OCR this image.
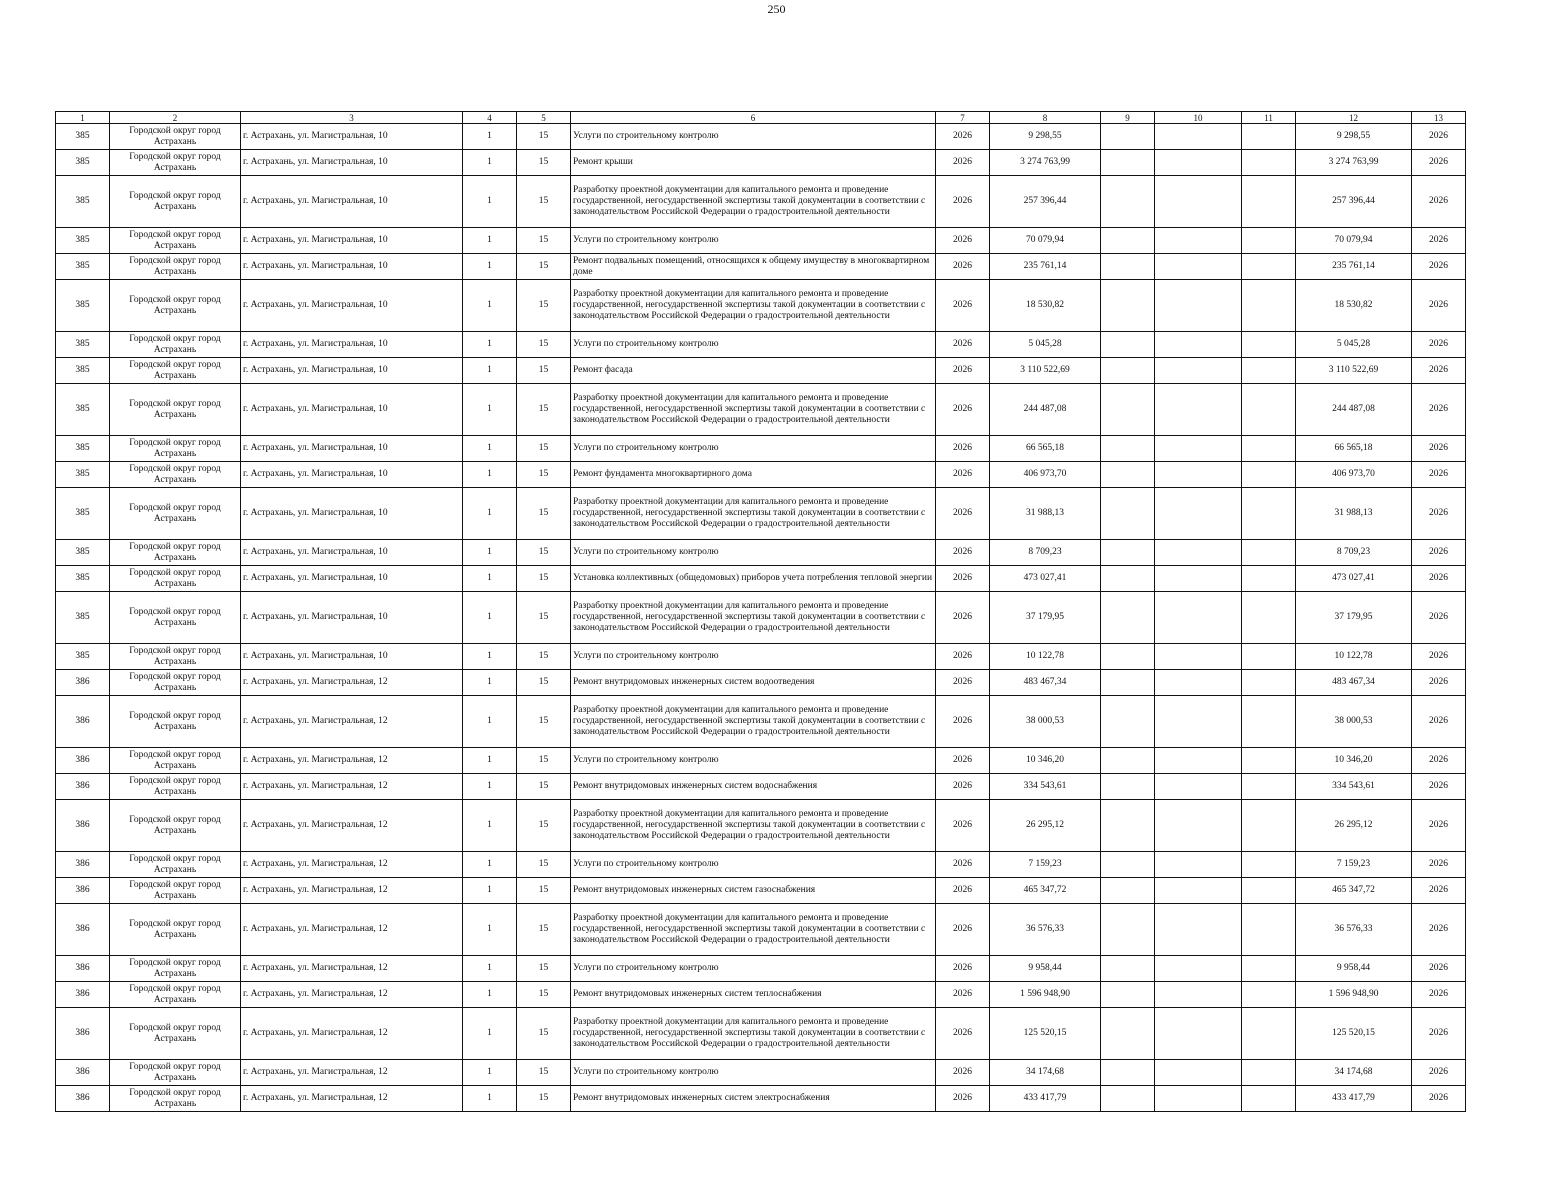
250
1	2	3	4	5	6	7	8	9	10	11	12	13
385	Городской округ город Астрахань	г. Астрахань, ул. Магистральная, 10	1	15	Услуги по строительному контролю	2026	9 298,55				9 298,55	2026
385	Городской округ город Астрахань	г. Астрахань, ул. Магистральная, 10	1	15	Ремонт крыши	2026	3 274 763,99				3 274 763,99	2026
385	Городской округ город Астрахань	г. Астрахань, ул. Магистральная, 10	1	15	Разработку проектной документации для капитального ремонта и проведение государственной, негосударственной экспертизы такой документации в соответствии с законодательством Российской Федерации о градостроительной деятельности	2026	257 396,44				257 396,44	2026
385	Городской округ город Астрахань	г. Астрахань, ул. Магистральная, 10	1	15	Услуги по строительному контролю	2026	70 079,94				70 079,94	2026
385	Городской округ город Астрахань	г. Астрахань, ул. Магистральная, 10	1	15	Ремонт подвальных помещений, относящихся к общему имуществу в многоквартирном доме	2026	235 761,14				235 761,14	2026
385	Городской округ город Астрахань	г. Астрахань, ул. Магистральная, 10	1	15	Разработку проектной документации для капитального ремонта и проведение государственной, негосударственной экспертизы такой документации в соответствии с законодательством Российской Федерации о градостроительной деятельности	2026	18 530,82				18 530,82	2026
385	Городской округ город Астрахань	г. Астрахань, ул. Магистральная, 10	1	15	Услуги по строительному контролю	2026	5 045,28				5 045,28	2026
385	Городской округ город Астрахань	г. Астрахань, ул. Магистральная, 10	1	15	Ремонт фасада	2026	3 110 522,69				3 110 522,69	2026
385	Городской округ город Астрахань	г. Астрахань, ул. Магистральная, 10	1	15	Разработку проектной документации для капитального ремонта и проведение государственной, негосударственной экспертизы такой документации в соответствии с законодательством Российской Федерации о градостроительной деятельности	2026	244 487,08				244 487,08	2026
385	Городской округ город Астрахань	г. Астрахань, ул. Магистральная, 10	1	15	Услуги по строительному контролю	2026	66 565,18				66 565,18	2026
385	Городской округ город Астрахань	г. Астрахань, ул. Магистральная, 10	1	15	Ремонт фундамента многоквартирного дома	2026	406 973,70				406 973,70	2026
385	Городской округ город Астрахань	г. Астрахань, ул. Магистральная, 10	1	15	Разработку проектной документации для капитального ремонта и проведение государственной, негосударственной экспертизы такой документации в соответствии с законодательством Российской Федерации о градостроительной деятельности	2026	31 988,13				31 988,13	2026
385	Городской округ город Астрахань	г. Астрахань, ул. Магистральная, 10	1	15	Услуги по строительному контролю	2026	8 709,23				8 709,23	2026
385	Городской округ город Астрахань	г. Астрахань, ул. Магистральная, 10	1	15	Установка коллективных (общедомовых) приборов учета потребления тепловой энергии	2026	473 027,41				473 027,41	2026
385	Городской округ город Астрахань	г. Астрахань, ул. Магистральная, 10	1	15	Разработку проектной документации для капитального ремонта и проведение государственной, негосударственной экспертизы такой документации в соответствии с законодательством Российской Федерации о градостроительной деятельности	2026	37 179,95				37 179,95	2026
385	Городской округ город Астрахань	г. Астрахань, ул. Магистральная, 10	1	15	Услуги по строительному контролю	2026	10 122,78				10 122,78	2026
386	Городской округ город Астрахань	г. Астрахань, ул. Магистральная, 12	1	15	Ремонт внутридомовых инженерных систем водоотведения	2026	483 467,34				483 467,34	2026
386	Городской округ город Астрахань	г. Астрахань, ул. Магистральная, 12	1	15	Разработку проектной документации для капитального ремонта и проведение государственной, негосударственной экспертизы такой документации в соответствии с законодательством Российской Федерации о градостроительной деятельности	2026	38 000,53				38 000,53	2026
386	Городской округ город Астрахань	г. Астрахань, ул. Магистральная, 12	1	15	Услуги по строительному контролю	2026	10 346,20				10 346,20	2026
386	Городской округ город Астрахань	г. Астрахань, ул. Магистральная, 12	1	15	Ремонт внутридомовых инженерных систем водоснабжения	2026	334 543,61				334 543,61	2026
386	Городской округ город Астрахань	г. Астрахань, ул. Магистральная, 12	1	15	Разработку проектной документации для капитального ремонта и проведение государственной, негосударственной экспертизы такой документации в соответствии с законодательством Российской Федерации о градостроительной деятельности	2026	26 295,12				26 295,12	2026
386	Городской округ город Астрахань	г. Астрахань, ул. Магистральная, 12	1	15	Услуги по строительному контролю	2026	7 159,23				7 159,23	2026
386	Городской округ город Астрахань	г. Астрахань, ул. Магистральная, 12	1	15	Ремонт внутридомовых инженерных систем газоснабжения	2026	465 347,72				465 347,72	2026
386	Городской округ город Астрахань	г. Астрахань, ул. Магистральная, 12	1	15	Разработку проектной документации для капитального ремонта и проведение государственной, негосударственной экспертизы такой документации в соответствии с законодательством Российской Федерации о градостроительной деятельности	2026	36 576,33				36 576,33	2026
386	Городской округ город Астрахань	г. Астрахань, ул. Магистральная, 12	1	15	Услуги по строительному контролю	2026	9 958,44				9 958,44	2026
386	Городской округ город Астрахань	г. Астрахань, ул. Магистральная, 12	1	15	Ремонт внутридомовых инженерных систем теплоснабжения	2026	1 596 948,90				1 596 948,90	2026
386	Городской округ город Астрахань	г. Астрахань, ул. Магистральная, 12	1	15	Разработку проектной документации для капитального ремонта и проведение государственной, негосударственной экспертизы такой документации в соответствии с законодательством Российской Федерации о градостроительной деятельности	2026	125 520,15				125 520,15	2026
386	Городской округ город Астрахань	г. Астрахань, ул. Магистральная, 12	1	15	Услуги по строительному контролю	2026	34 174,68				34 174,68	2026
386	Городской округ город Астрахань	г. Астрахань, ул. Магистральная, 12	1	15	Ремонт внутридомовых инженерных систем электроснабжения	2026	433 417,79				433 417,79	2026
